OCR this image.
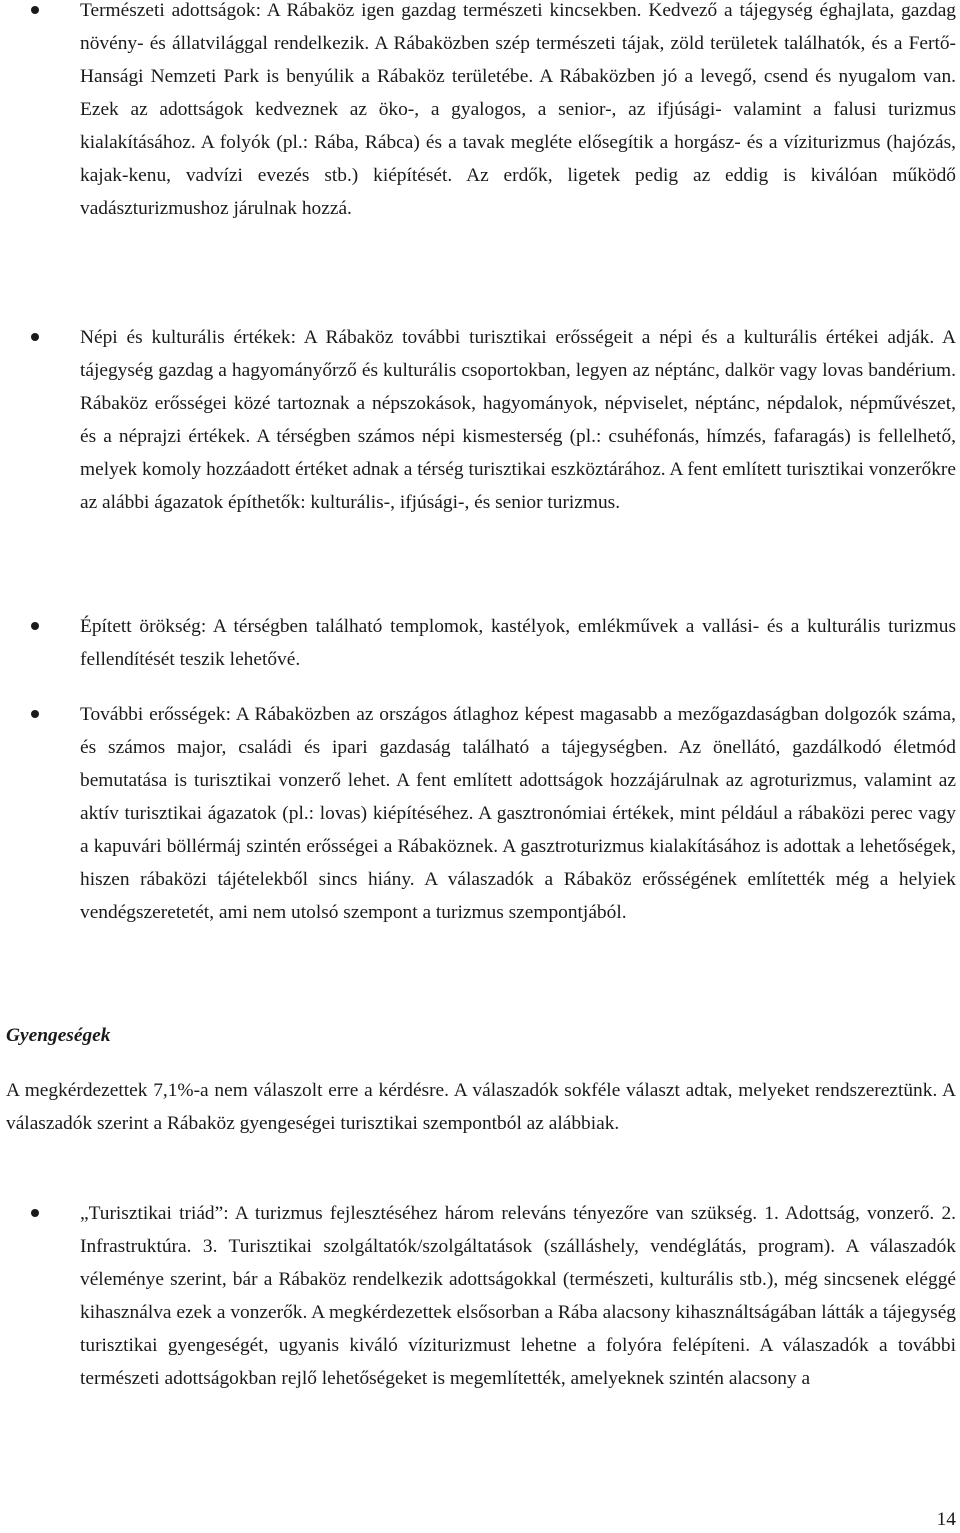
Természeti adottságok: A Rábaköz igen gazdag természeti kincsekben. Kedvező a tájegység éghajlata, gazdag növény- és állatvilággal rendelkezik. A Rábaközben szép természeti tájak, zöld területek találhatók, és a Fertő-Hansági Nemzeti Park is benyúlik a Rábaköz területébe. A Rábaközben jó a levegő, csend és nyugalom van. Ezek az adottságok kedveznek az öko-, a gyalogos, a senior-, az ifjúsági- valamint a falusi turizmus kialakításához. A folyók (pl.: Rába, Rábca) és a tavak megléte elősegítik a horgász- és a víziturizmus (hajózás, kajak-kenu, vadvízi evezés stb.) kiépítését. Az erdők, ligetek pedig az eddig is kiválóan működő vadászturizmushoz járulnak hozzá.
Népi és kulturális értékek: A Rábaköz további turisztikai erősségeit a népi és a kulturális értékei adják. A tájegység gazdag a hagyományőrző és kulturális csoportokban, legyen az néptánc, dalkör vagy lovas bandérium. Rábaköz erősségei közé tartoznak a népszokások, hagyományok, népviselet, néptánc, népdalok, népművészet, és a néprajzi értékek. A térségben számos népi kismesterség (pl.: csuhéfonás, hímzés, fafaragás) is fellelhető, melyek komoly hozzáadott értéket adnak a térség turisztikai eszköztárához. A fent említett turisztikai vonzerőkre az alábbi ágazatok építhetők: kulturális-, ifjúsági-, és senior turizmus.
Épített örökség: A térségben található templomok, kastélyok, emlékművek a vallási- és a kulturális turizmus fellendítését teszik lehetővé.
További erősségek: A Rábaközben az országos átlaghoz képest magasabb a mezőgazdaságban dolgozók száma, és számos major, családi és ipari gazdaság található a tájegységben. Az önellátó, gazdálkodó életmód bemutatása is turisztikai vonzerő lehet. A fent említett adottságok hozzájárulnak az agroturizmus, valamint az aktív turisztikai ágazatok (pl.: lovas) kiépítéséhez. A gasztronómiai értékek, mint például a rábaközi perec vagy a kapuvári böllérmáj szintén erősségei a Rábaköznek. A gasztroturizmus kialakításához is adottak a lehetőségek, hiszen rábaközi tájételekből sincs hiány. A válaszadók a Rábaköz erősségének említették még a helyiek vendégszeretetét, ami nem utolsó szempont a turizmus szempontjából.
Gyengeségek

A megkérdezettek 7,1%-a nem válaszolt erre a kérdésre. A válaszadók sokféle választ adtak, melyeket rendszereztünk. A válaszadók szerint a Rábaköz gyengeségei turisztikai szempontból az alábbiak.

„Turisztikai triád”: A turizmus fejlesztéséhez három releváns tényezőre van szükség. 1. Adottság, vonzerő. 2. Infrastruktúra. 3. Turisztikai szolgáltatók/szolgáltatások (szálláshely, vendéglátás, program). A válaszadók véleménye szerint, bár a Rábaköz rendelkezik adottságokkal (természeti, kulturális stb.), még sincsenek eléggé kihasználva ezek a vonzerők. A megkérdezettek elsősorban a Rába alacsony kihasználtságában látták a tájegység turisztikai gyengeségét, ugyanis kiváló víziturizmust lehetne a folyóra felépíteni. A válaszadók a további természeti adottságokban rejlő lehetőségeket is megemlítették, amelyeknek szintén alacsony a
14
